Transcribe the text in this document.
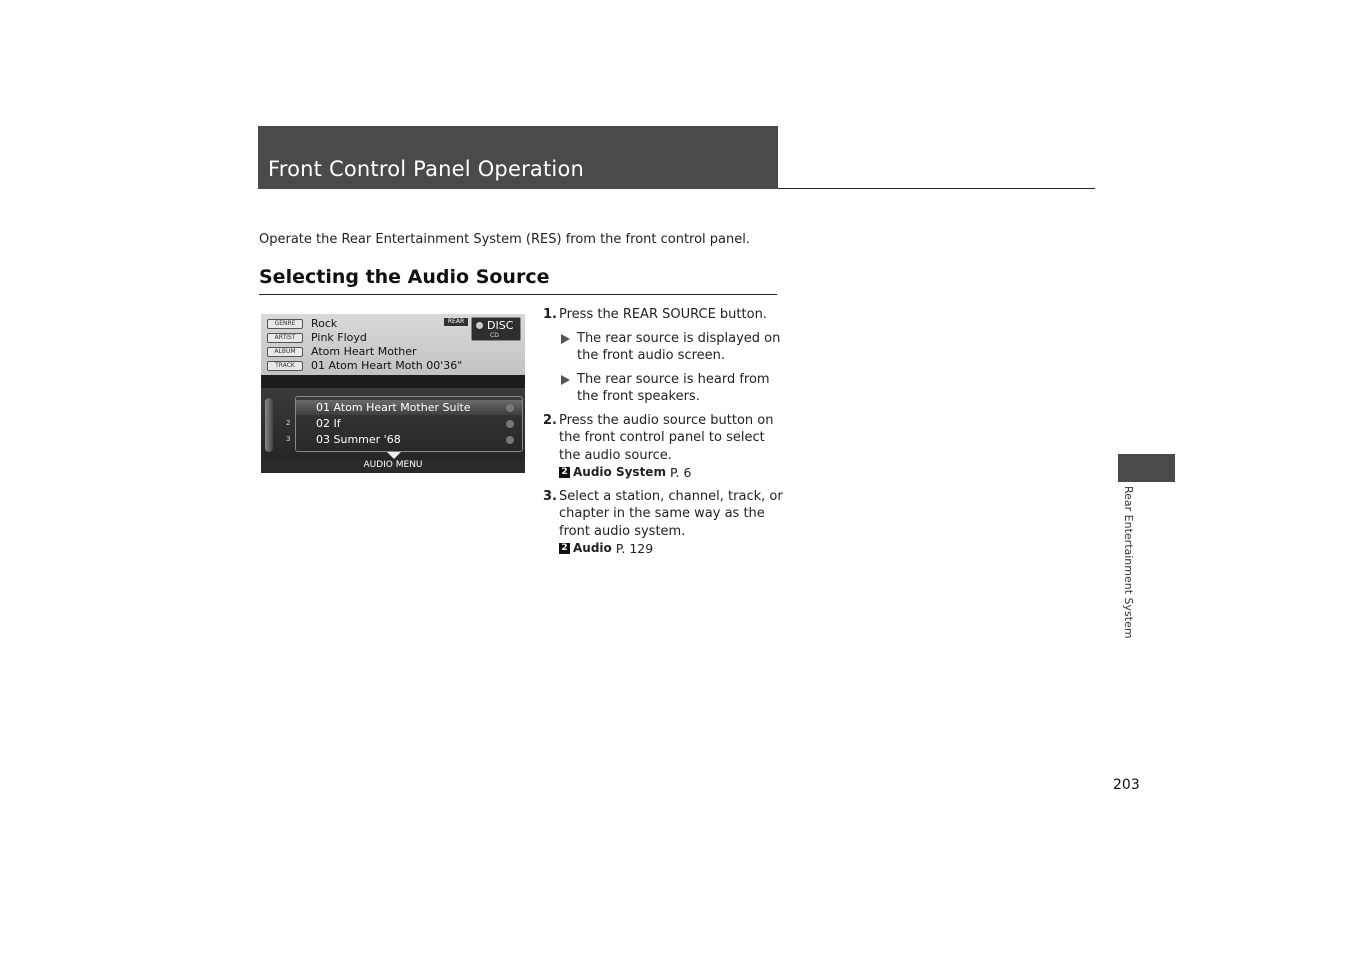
Front Control Panel Operation
Operate the Rear Entertainment System (RES) from the front control panel.
Selecting the Audio Source
GENRE	Rock
ARTIST	Pink Floyd
ALBUM	Atom Heart Mother
TRACK	01 Atom Heart Moth 00'36"
REAR	DISC
CD
01 Atom Heart Mother Suite
2 02 If
3 03 Summer '68
AUDIO MENU
1. Press the REAR SOURCE button.
The rear source is displayed on the front audio screen.
The rear source is heard from the front speakers.
2. Press the audio source button on the front control panel to select the audio source.
2 Audio System P. 6
3. Select a station, channel, track, or chapter in the same way as the front audio system.
2 Audio P. 129	Rear Entertainment System
203
